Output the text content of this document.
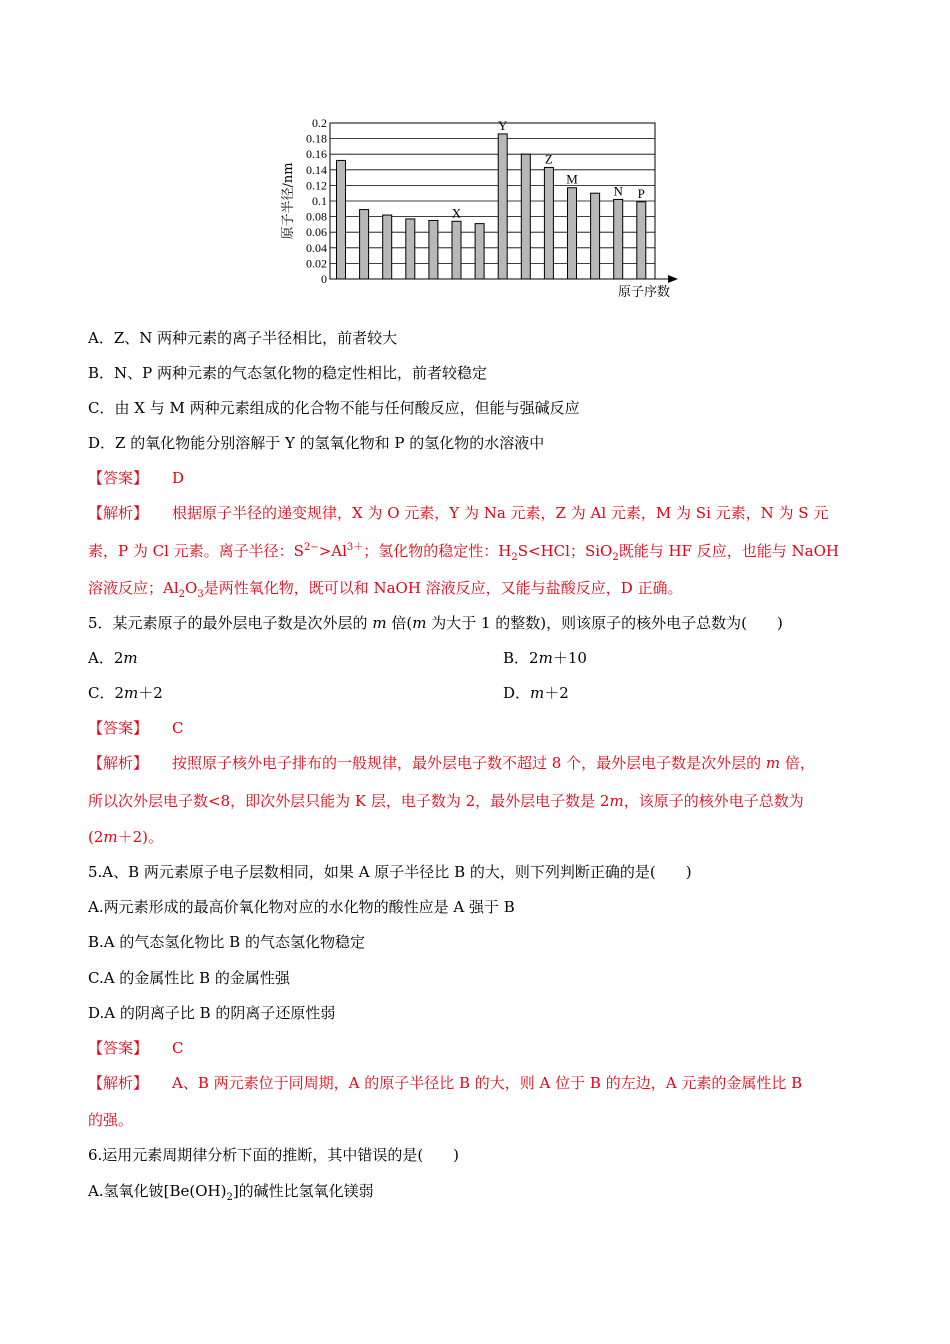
0
0.02
0.04
0.06
0.08
0.1
0.12
0.14
0.16
0.18
0.2
X
Y
Z
M
N P
原子半径/nm
原子序数
A．Z、N 两种元素的离子半径相比，前者较大
B．N、P 两种元素的气态氢化物的稳定性相比，前者较稳定
C．由 X 与 M 两种元素组成的化合物不能与任何酸反应，但能与强碱反应
D．Z 的氧化物能分别溶解于 Y 的氢氧化物和 P 的氢化物的水溶液中
【答案】 D
【解析】 根据原子半径的递变规律，X 为 O 元素，Y 为 Na 元素，Z 为 Al 元素，M 为 Si 元素，N 为 S 元
素，P 为 Cl 元素。离子半径：$S^{2-}>Al^{3+}$；氢化物的稳定性：$H_2S<HCl$；SiO$_2$既能与 HF 反应，也能与 NaOH
溶液反应；$Al_2O_3$是两性氧化物，既可以和 NaOH 溶液反应，又能与盐酸反应，D 正确。
5．某元素原子的最外层电子数是次外层的 m 倍(m 为大于 1 的整数)，则该原子的核外电子总数为(　　)
A．2m	B．2m＋10
C．2m＋2	D．m＋2
【答案】 C
【解析】 按照原子核外电子排布的一般规律，最外层电子数不超过 8 个，最外层电子数是次外层的 m 倍，
所以次外层电子数<8，即次外层只能为 K 层，电子数为 2，最外层电子数是 2m，该原子的核外电子总数为
(2m＋2)。
5.A、B 两元素原子电子层数相同，如果 A 原子半径比 B 的大，则下列判断正确的是(　　)
A.两元素形成的最高价氧化物对应的水化物的酸性应是 A 强于 B
B.A 的气态氢化物比 B 的气态氢化物稳定
C.A 的金属性比 B 的金属性强
D.A 的阴离子比 B 的阴离子还原性弱
【答案】 C
【解析】 A、B 两元素位于同周期，A 的原子半径比 B 的大，则 A 位于 B 的左边，A 元素的金属性比 B
的强。
6.运用元素周期律分析下面的推断，其中错误的是(　　)
A.氢氧化铍$[Be(OH)_2]$的碱性比氢氧化镁弱
